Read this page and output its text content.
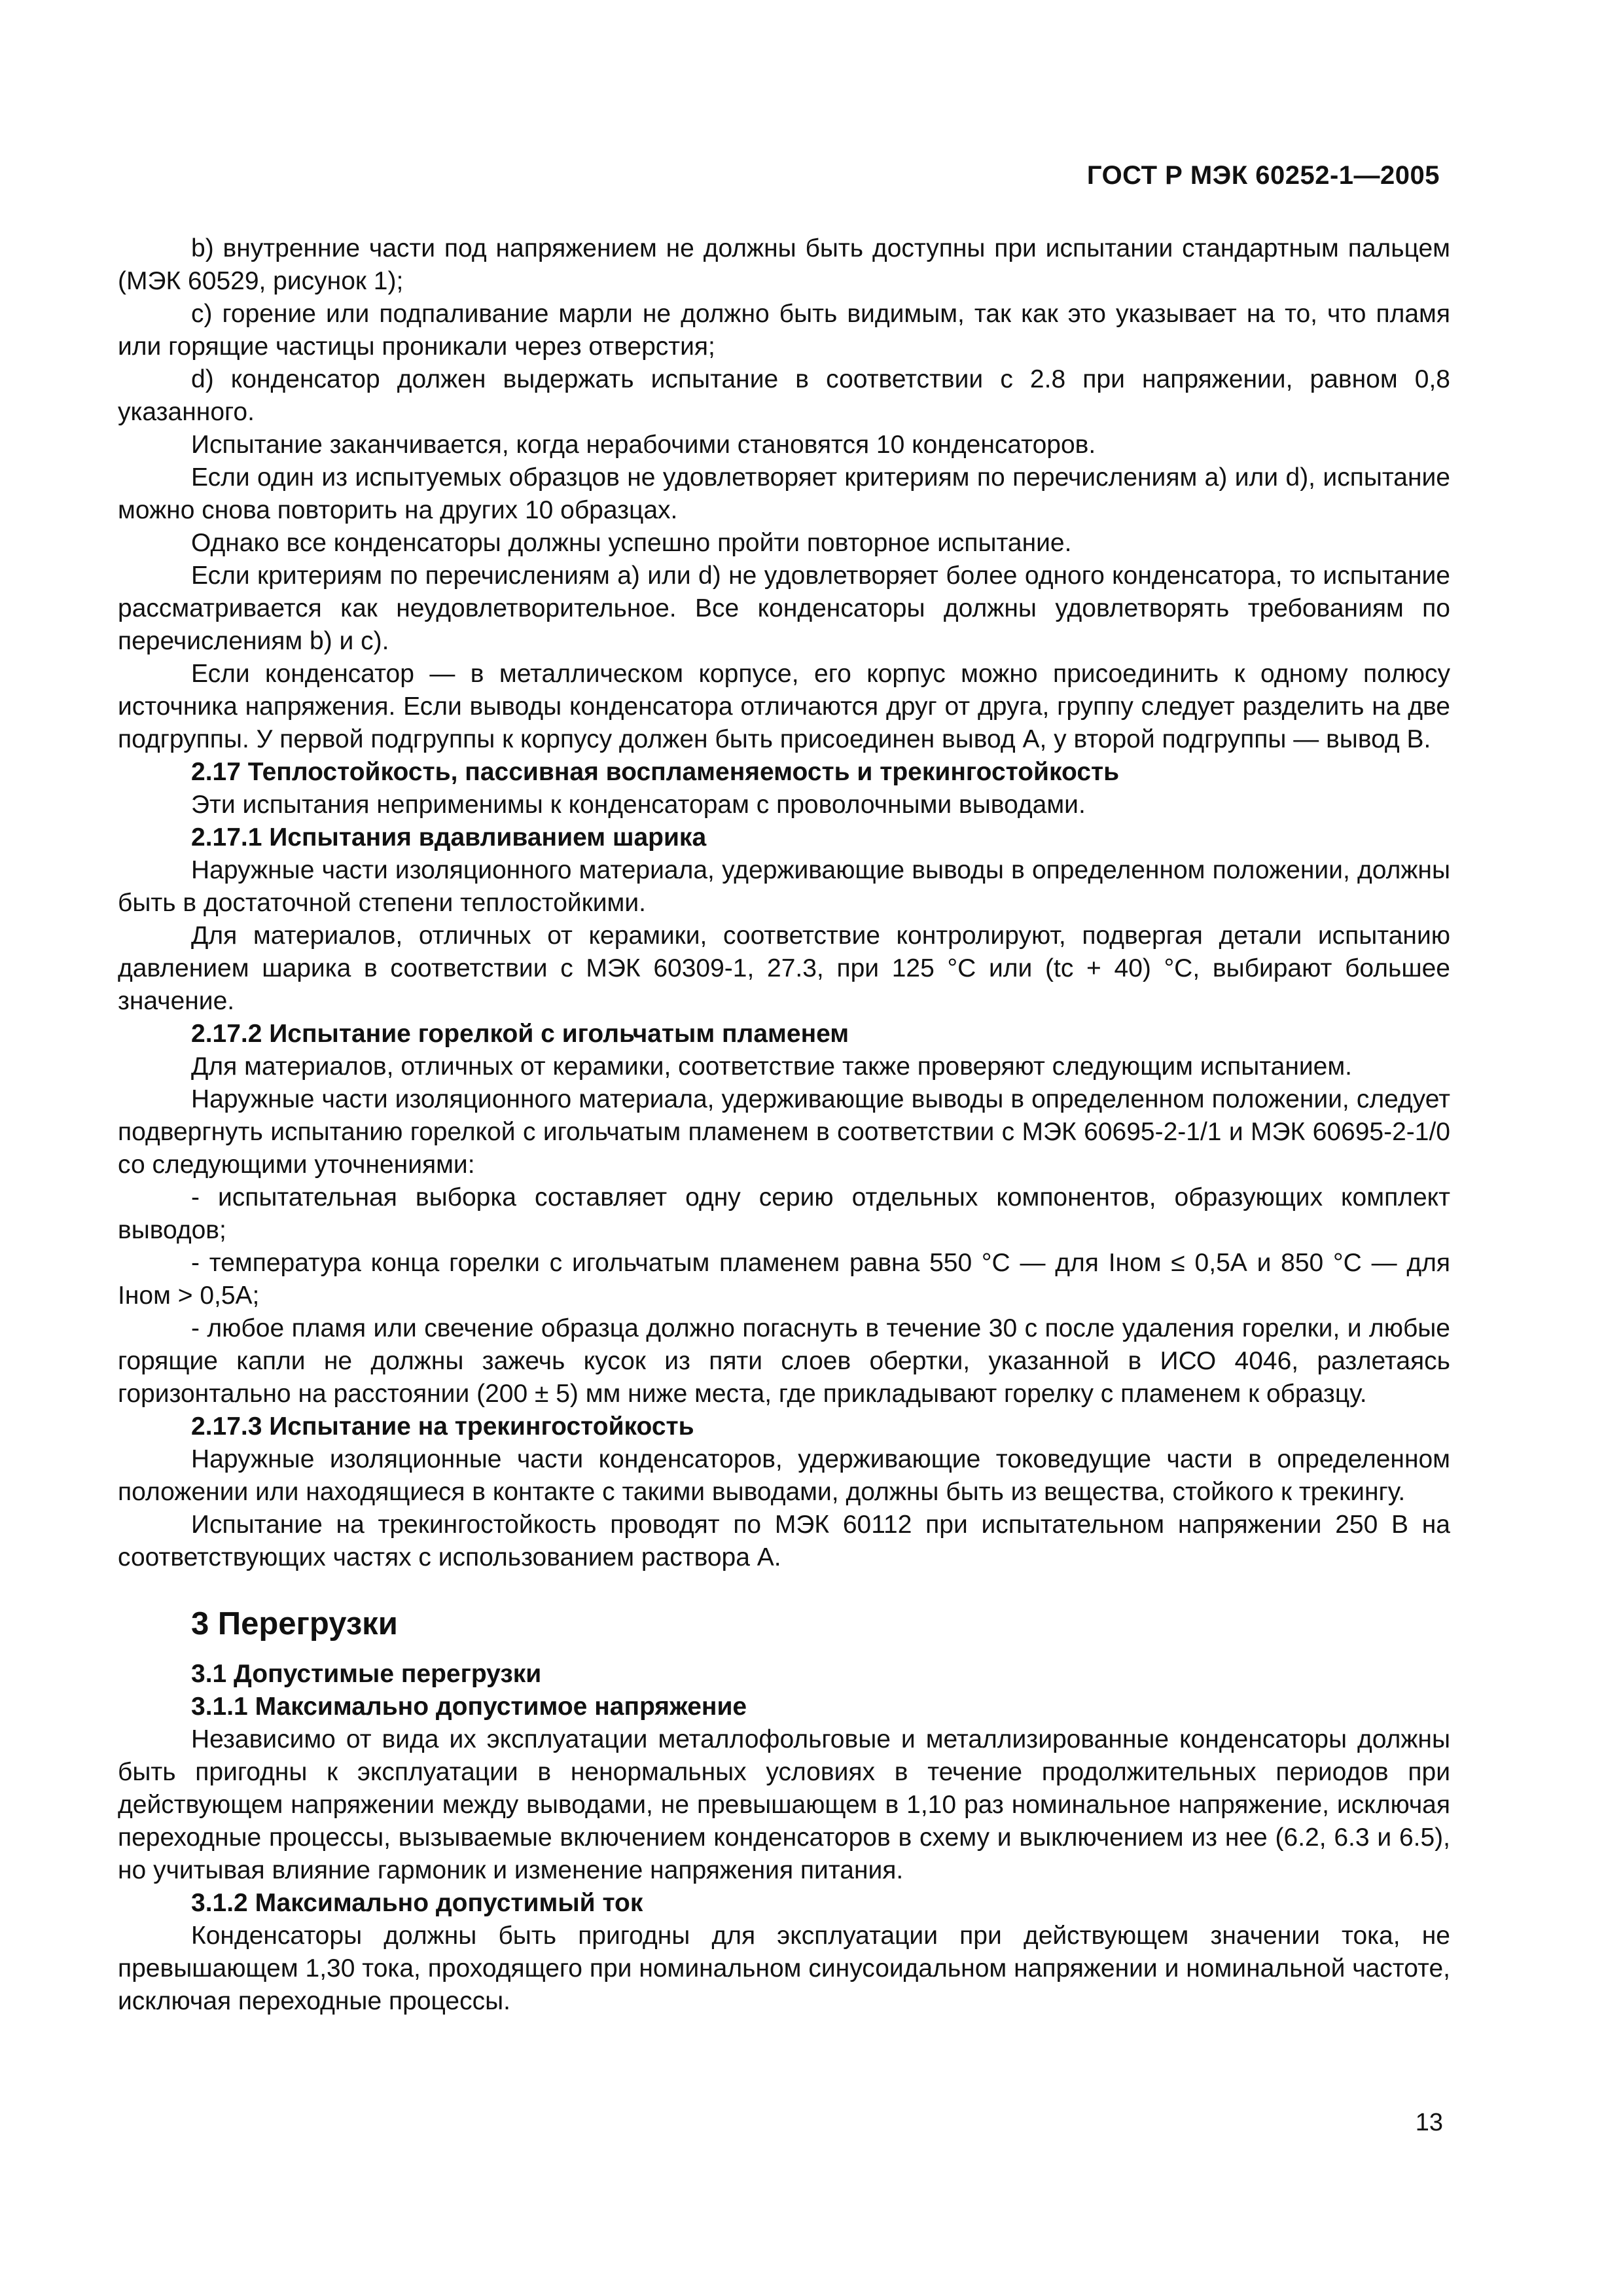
ГОСТ Р МЭК 60252-1—2005

b) внутренние части под напряжением не должны быть доступны при испытании стандартным пальцем (МЭК 60529, рисунок 1);

с) горение или подпаливание марли не должно быть видимым, так как это указывает на то, что пламя или горящие частицы проникали через отверстия;

d) конденсатор должен выдержать испытание в соответствии с 2.8 при напряжении, равном 0,8 указанного.

Испытание заканчивается, когда нерабочими становятся 10 конденсаторов.

Если один из испытуемых образцов не удовлетворяет критериям по перечислениям а) или d), испытание можно снова повторить на других 10 образцах.

Однако все конденсаторы должны успешно пройти повторное испытание.

Если критериям по перечислениям а) или d) не удовлетворяет более одного конденсатора, то испытание рассматривается как неудовлетворительное. Все конденсаторы должны удовлетворять требованиям по перечислениям b) и с).

Если конденсатор — в металлическом корпусе, его корпус можно присоединить к одному полюсу источника напряжения. Если выводы конденсатора отличаются друг от друга, группу следует разделить на две подгруппы. У первой подгруппы к корпусу должен быть присоединен вывод А, у второй подгруппы — вывод В.

2.17 Теплостойкость, пассивная воспламеняемость и трекингостойкость

Эти испытания неприменимы к конденсаторам с проволочными выводами.

2.17.1 Испытания вдавливанием шарика

Наружные части изоляционного материала, удерживающие выводы в определенном положении, должны быть в достаточной степени теплостойкими.

Для материалов, отличных от керамики, соответствие контролируют, подвергая детали испытанию давлением шарика в соответствии с МЭК 60309-1, 27.3, при 125 °С или (tс + 40) °С, выбирают большее значение.

2.17.2 Испытание горелкой с игольчатым пламенем

Для материалов, отличных от керамики, соответствие также проверяют следующим испытанием.

Наружные части изоляционного материала, удерживающие выводы в определенном положении, следует подвергнуть испытанию горелкой с игольчатым пламенем в соответствии с МЭК 60695-2-1/1 и МЭК 60695-2-1/0 со следующими уточнениями:

- испытательная выборка составляет одну серию отдельных компонентов, образующих комплект выводов;

- температура конца горелки с игольчатым пламенем равна 550 °С — для Iном ≤ 0,5А и 850 °С — для Iном > 0,5А;

- любое пламя или свечение образца должно погаснуть в течение 30 с после удаления горелки, и любые горящие капли не должны зажечь кусок из пяти слоев обертки, указанной в ИСО 4046, разлетаясь горизонтально на расстоянии (200 ± 5) мм ниже места, где прикладывают горелку с пламенем к образцу.

2.17.3 Испытание на трекингостойкость

Наружные изоляционные части конденсаторов, удерживающие токоведущие части в определенном положении или находящиеся в контакте с такими выводами, должны быть из вещества, стойкого к трекингу.

Испытание на трекингостойкость проводят по МЭК 60112 при испытательном напряжении 250 В на соответствующих частях с использованием раствора А.

3 Перегрузки

3.1 Допустимые перегрузки

3.1.1 Максимально допустимое напряжение

Независимо от вида их эксплуатации металлофольговые и металлизированные конденсаторы должны быть пригодны к эксплуатации в ненормальных условиях в течение продолжительных периодов при действующем напряжении между выводами, не превышающем в 1,10 раз номинальное напряжение, исключая переходные процессы, вызываемые включением конденсаторов в схему и выключением из нее (6.2, 6.3 и 6.5), но учитывая влияние гармоник и изменение напряжения питания.

3.1.2 Максимально допустимый ток

Конденсаторы должны быть пригодны для эксплуатации при действующем значении тока, не превышающем 1,30 тока, проходящего при номинальном синусоидальном напряжении и номинальной частоте, исключая переходные процессы.

13
